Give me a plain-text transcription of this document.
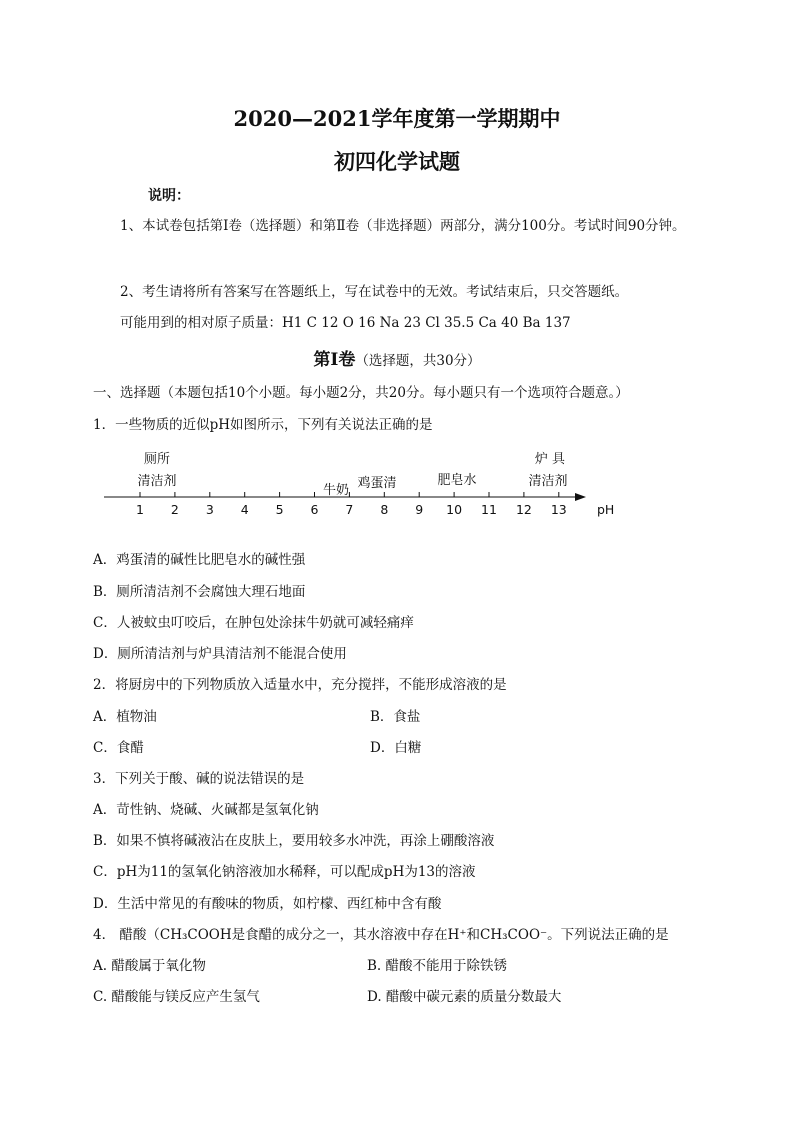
2020—2021学年度第一学期期中
初四化学试题
说明：
1、本试卷包括第Ⅰ卷（选择题）和第Ⅱ卷（非选择题）两部分，满分100分。考试时间90分钟。
2、考生请将所有答案写在答题纸上，写在试卷中的无效。考试结束后，只交答题纸。
可能用到的相对原子质量：H1 C 12 O 16 Na 23 Cl 35.5 Ca 40 Ba 137
第Ⅰ卷（选择题，共30分）
一、选择题（本题包括10个小题。每小题2分，共20分。每小题只有一个选项符合题意。）
1．一些物质的近似pH如图所示，下列有关说法正确的是
厕所
清洁剂
牛奶 鸡蛋清	肥皂水
炉 具
清洁剂
1 2 3 4 5 6 7 8 9 10 11 12 13 pH
A．鸡蛋清的碱性比肥皂水的碱性强
B．厕所清洁剂不会腐蚀大理石地面
C．人被蚊虫叮咬后，在肿包处涂抹牛奶就可减轻痛痒
D．厕所清洁剂与炉具清洁剂不能混合使用
2．将厨房中的下列物质放入适量水中，充分搅拌，不能形成溶液的是
A．植物油	B．食盐
C．食醋	D．白糖
3．下列关于酸、碱的说法错误的是
A．苛性钠、烧碱、火碱都是氢氧化钠
B．如果不慎将碱液沾在皮肤上，要用较多水冲洗，再涂上硼酸溶液
C．pH为11的氢氧化钠溶液加水稀释，可以配成pH为13的溶液
D．生活中常见的有酸味的物质，如柠檬、西红柿中含有酸
4． 醋酸（CH₃COOH是食醋的成分之一，其水溶液中存在H⁺和CH₃COO⁻。下列说法正确的是
A. 醋酸属于氧化物	B. 醋酸不能用于除铁锈
C. 醋酸能与镁反应产生氢气	D. 醋酸中碳元素的质量分数最大
